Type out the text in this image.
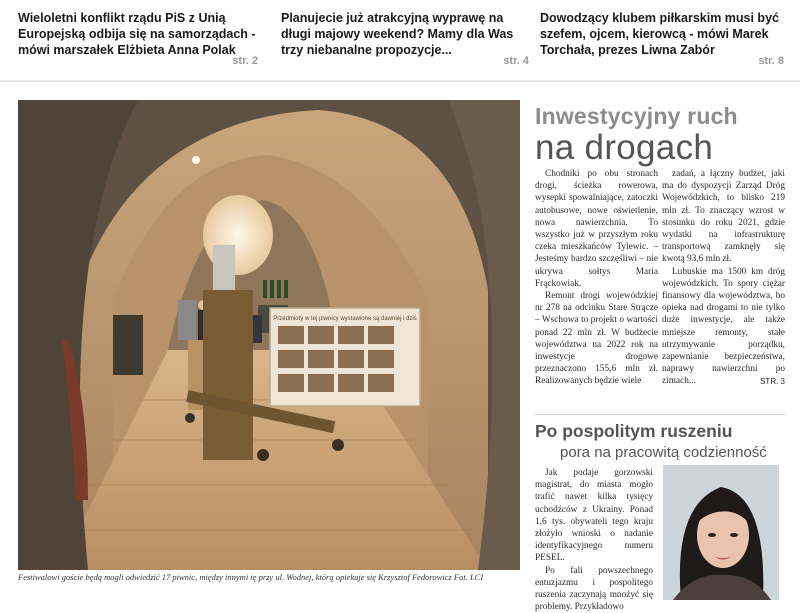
Wieloletni konflikt rządu PiS z Unią Europejską odbija się na samorządach - mówi marszałek Elżbieta Anna Polak
str. 2
Planujecie już atrakcyjną wyprawę na długi majowy weekend? Mamy dla Was trzy niebanalne propozycje...
str. 4
Dowodzący klubem piłkarskim musi być szefem, ojcem, kierowcą - mówi Marek Torchała, prezes Liwna Zabór
str. 8
Przedmioty w tej piwnicy wystawione są dawniej i dziś
Festiwalowi goście będą mogli odwiedzić 17 piwnic, między innymi tę przy ul. Wodnej, którą opiekuje się Krzysztof Fedorowicz Fot. LCI
Inwestycyjny ruch
na drogach

Chodniki po obu stronach drogi, ścieżka rowerowa, wysepki spowalniające, zatoczki autobusowe, nowe oświetlenie, nowa nawierzchnia. To wszystko już w przyszłym roku czeka mieszkańców Tylewic. – Jesteśmy bardzo szczęśliwi – nie ukrywa sołtys Maria Frąckowiak.

Remont drogi wojewódzkiej nr 278 na odcinku Stare Strącze – Wschowa to projekt o wartości ponad 22 mln zł. W budżecie województwa na 2022 rok na inwestycje drogowe przeznaczono 155,6 mln zł. Realizowanych będzie wiele

zadań, a łączny budżet, jaki ma do dyspozycji Zarząd Dróg Wojewódzkich, to blisko 219 mln zł. To znaczący wzrost w stosunku do roku 2021, gdzie wydatki na infrastrukturę transportową zamknęły się kwotą 93,6 mln zł.

Lubuskie ma 1500 km dróg wojewódzkich. To spory ciężar finansowy dla województwa, bo opieka nad drogami to nie tylko duże inwestycje, ale także mniejsze remonty, stałe utrzymywanie porządku, zapewnianie bezpieczeństwa, naprawy nawierzchni po zimach...	STR. 3
Po pospolitym ruszeniu
pora na pracowitą codzienność

Jak podaje gorzowski magistrat, do miasta mogło trafić nawet kilka tysięcy uchodźców z Ukrainy. Ponad 1,6 tys. obywateli tego kraju złożyło wnioski o nadanie identyfikacyjnego numeru PESEL.

Po fali powszechnego entuzjazmu i pospolitego ruszenia zaczynają mnożyć się problemy. Przykładowo
